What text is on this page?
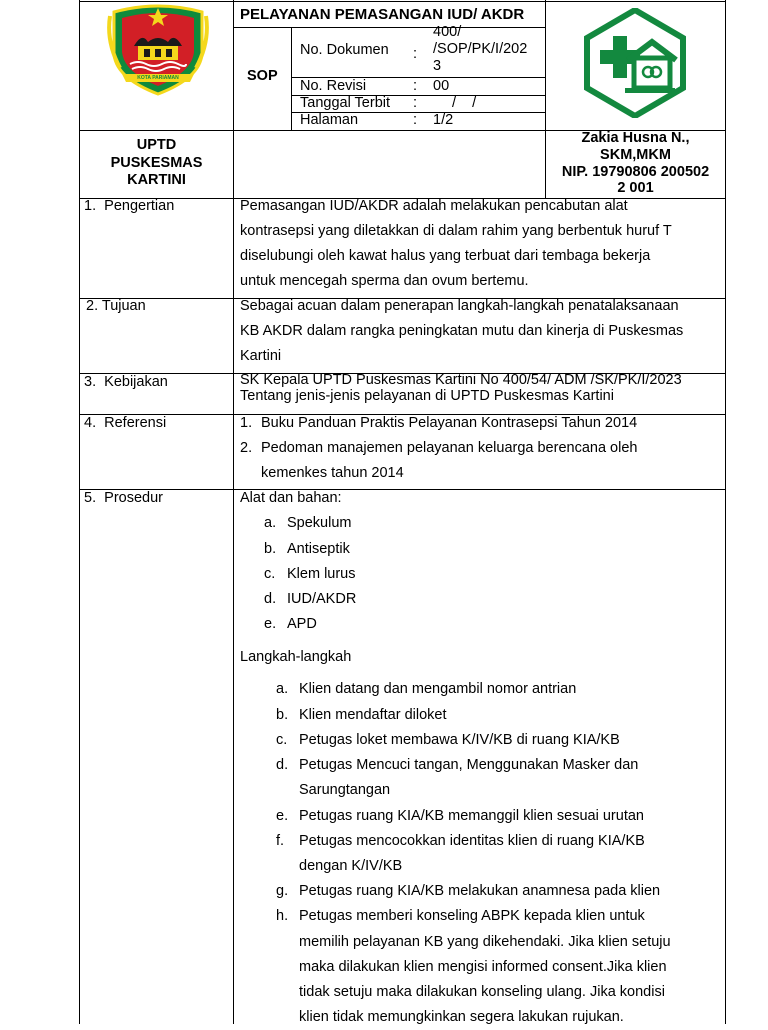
KOTA PARIAMAN
PELAYANAN PEMASANGAN IUD/ AKDR
SOP
No. Dokumen :
400/
/SOP/PK/I/202
3
No. Revisi	: 00
Tanggal Terbit : /    /
Halaman	: 1/2
UPTD
PUSKESMAS
KARTINI
Zakia Husna N.,
SKM,MKM
NIP. 19790806 200502
2 001
1.  Pengertian	Pemasangan IUD/AKDR adalah melakukan pencabutan alat
kontrasepsi yang diletakkan di dalam rahim yang berbentuk huruf T
diselubungi oleh kawat halus yang terbuat dari tembaga bekerja
untuk mencegah sperma dan ovum bertemu.
2. Tujuan	Sebagai acuan dalam penerapan langkah-langkah penatalaksanaan
KB AKDR dalam rangka peningkatan mutu dan kinerja di Puskesmas
Kartini
3.  Kebijakan	SK Kepala UPTD Puskesmas Kartini No 400/54/ ADM /SK/PK/I/2023
Tentang jenis-jenis pelayanan di UPTD Puskesmas Kartini
4.  Referensi	1. Buku Panduan Praktis Pelayanan Kontrasepsi Tahun 2014
2. Pedoman manajemen pelayanan keluarga berencana oleh
kemenkes tahun 2014
5.  Prosedur	Alat dan bahan:
a. Spekulum
b. Antiseptik
c. Klem lurus
d. IUD/AKDR
e. APD
Langkah-langkah
a. Klien datang dan mengambil nomor antrian
b. Klien mendaftar diloket
c. Petugas loket membawa K/IV/KB di ruang KIA/KB
d. Petugas Mencuci tangan, Menggunakan Masker dan
Sarungtangan
e. Petugas ruang KIA/KB memanggil klien sesuai urutan
f. Petugas mencocokkan identitas klien di ruang KIA/KB
dengan K/IV/KB
g. Petugas ruang KIA/KB melakukan anamnesa pada klien
h. Petugas memberi konseling ABPK kepada klien untuk
memilih pelayanan KB yang dikehendaki. Jika klien setuju
maka dilakukan klien mengisi informed consent.Jika klien
tidak setuju maka dilakukan konseling ulang. Jika kondisi
klien tidak memungkinkan segera lakukan rujukan.
